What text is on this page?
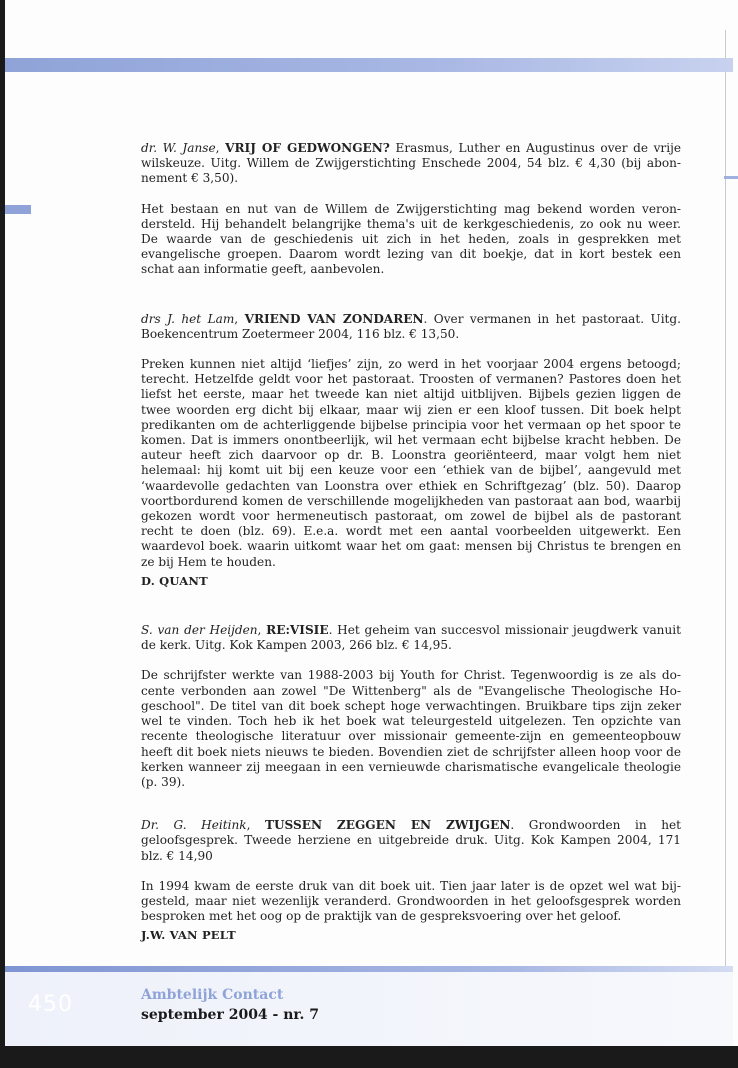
450	Ambtelijk Contact
september 2004 - nr. 7

dr. W. Janse, VRIJ OF GEDWONGEN? Erasmus, Luther en Augustinus over de vrije wilskeuze. Uitg. Willem de Zwijgerstichting Enschede 2004, 54 blz. € 4,30 (bij abonnement € 3,50).

Het bestaan en nut van de Willem de Zwijgerstichting mag bekend worden verondersteld. Hij behandelt belangrijke thema's uit de kerkgeschiedenis, zo ook nu weer. De waarde van de geschiedenis uit zich in het heden, zoals in gesprekken met evangelische groepen. Daarom wordt lezing van dit boekje, dat in kort bestek een schat aan informatie geeft, aanbevolen.

drs J. het Lam, VRIEND VAN ZONDAREN. Over vermanen in het pastoraat. Uitg. Boekencentrum Zoetermeer 2004, 116 blz. € 13,50.

Preken kunnen niet altijd ‘liefjes’ zijn, zo werd in het voorjaar 2004 ergens betoogd; terecht. Hetzelfde geldt voor het pastoraat. Troosten of vermanen? Pastores doen het liefst het eerste, maar het tweede kan niet altijd uitblijven. Bijbels gezien liggen de twee woorden erg dicht bij elkaar, maar wij zien er een kloof tussen. Dit boek helpt predikanten om de achterliggende bijbelse principia voor het vermaan op het spoor te komen. Dat is immers onontbeerlijk, wil het vermaan echt bijbelse kracht hebben. De auteur heeft zich daarvoor op dr. B. Loonstra georiënteerd, maar volgt hem niet helemaal: hij komt uit bij een keuze voor een ‘ethiek van de bijbel’, aangevuld met ‘waardevolle gedachten van Loonstra over ethiek en Schriftgezag’ (blz. 50). Daarop voortbordurend komen de verschillende mogelijkheden van pastoraat aan bod, waarbij gekozen wordt voor hermeneutisch pastoraat, om zowel de bijbel als de pastorant recht te doen (blz. 69). E.e.a. wordt met een aantal voorbeelden uitgewerkt. Een waardevol boek. waarin uitkomt waar het om gaat: mensen bij Christus te brengen en ze bij Hem te houden.

D. QUANT

S. van der Heijden, RE:VISIE. Het geheim van succesvol missionair jeugdwerk vanuit de kerk. Uitg. Kok Kampen 2003, 266 blz. € 14,95.

De schrijfster werkte van 1988-2003 bij Youth for Christ. Tegenwoordig is ze als docente verbonden aan zowel "De Wittenberg" als de "Evangelische Theologische Hogeschool". De titel van dit boek schept hoge verwachtingen. Bruikbare tips zijn zeker wel te vinden. Toch heb ik het boek wat teleurgesteld uitgelezen. Ten opzichte van recente theologische literatuur over missionair gemeente-zijn en gemeenteopbouw heeft dit boek niets nieuws te bieden. Bovendien ziet de schrijfster alleen hoop voor de kerken wanneer zij meegaan in een vernieuwde charismatische evangelicale theologie (p. 39).

Dr. G. Heitink, TUSSEN ZEGGEN EN ZWIJGEN. Grondwoorden in het geloofsgesprek. Tweede herziene en uitgebreide druk. Uitg. Kok Kampen 2004, 171 blz. € 14,90

In 1994 kwam de eerste druk van dit boek uit. Tien jaar later is de opzet wel wat bijgesteld, maar niet wezenlijk veranderd. Grondwoorden in het geloofsgesprek worden besproken met het oog op de praktijk van de gespreksvoering over het geloof.

J.W. VAN PELT
